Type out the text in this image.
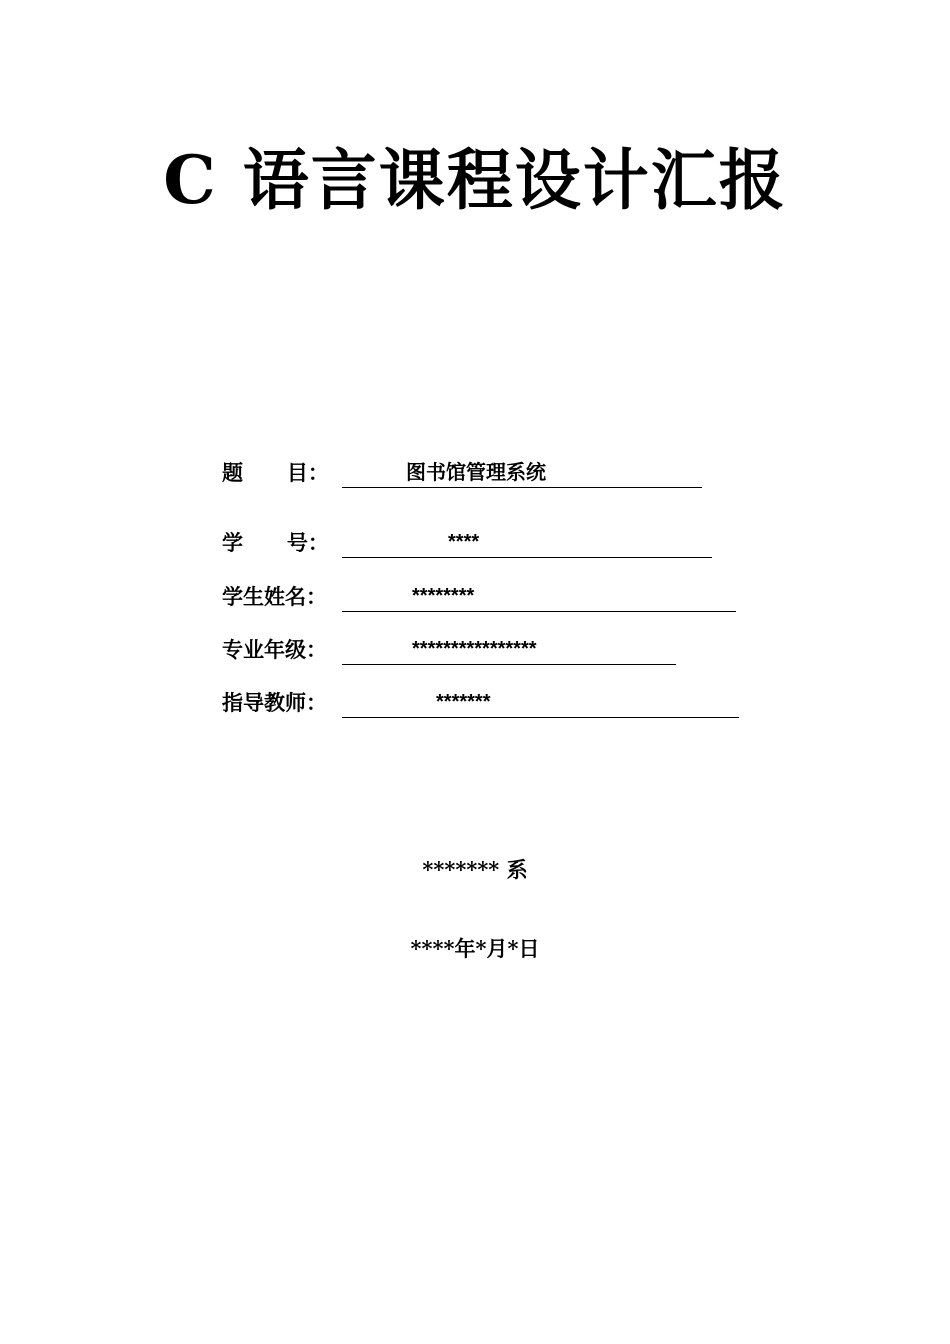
C 语言课程设计汇报
题      目：	图书馆管理系统
学      号：	****
学生姓名：	********
专业年级：	****************
指导教师：	*******
******* 系
****年*月*日
